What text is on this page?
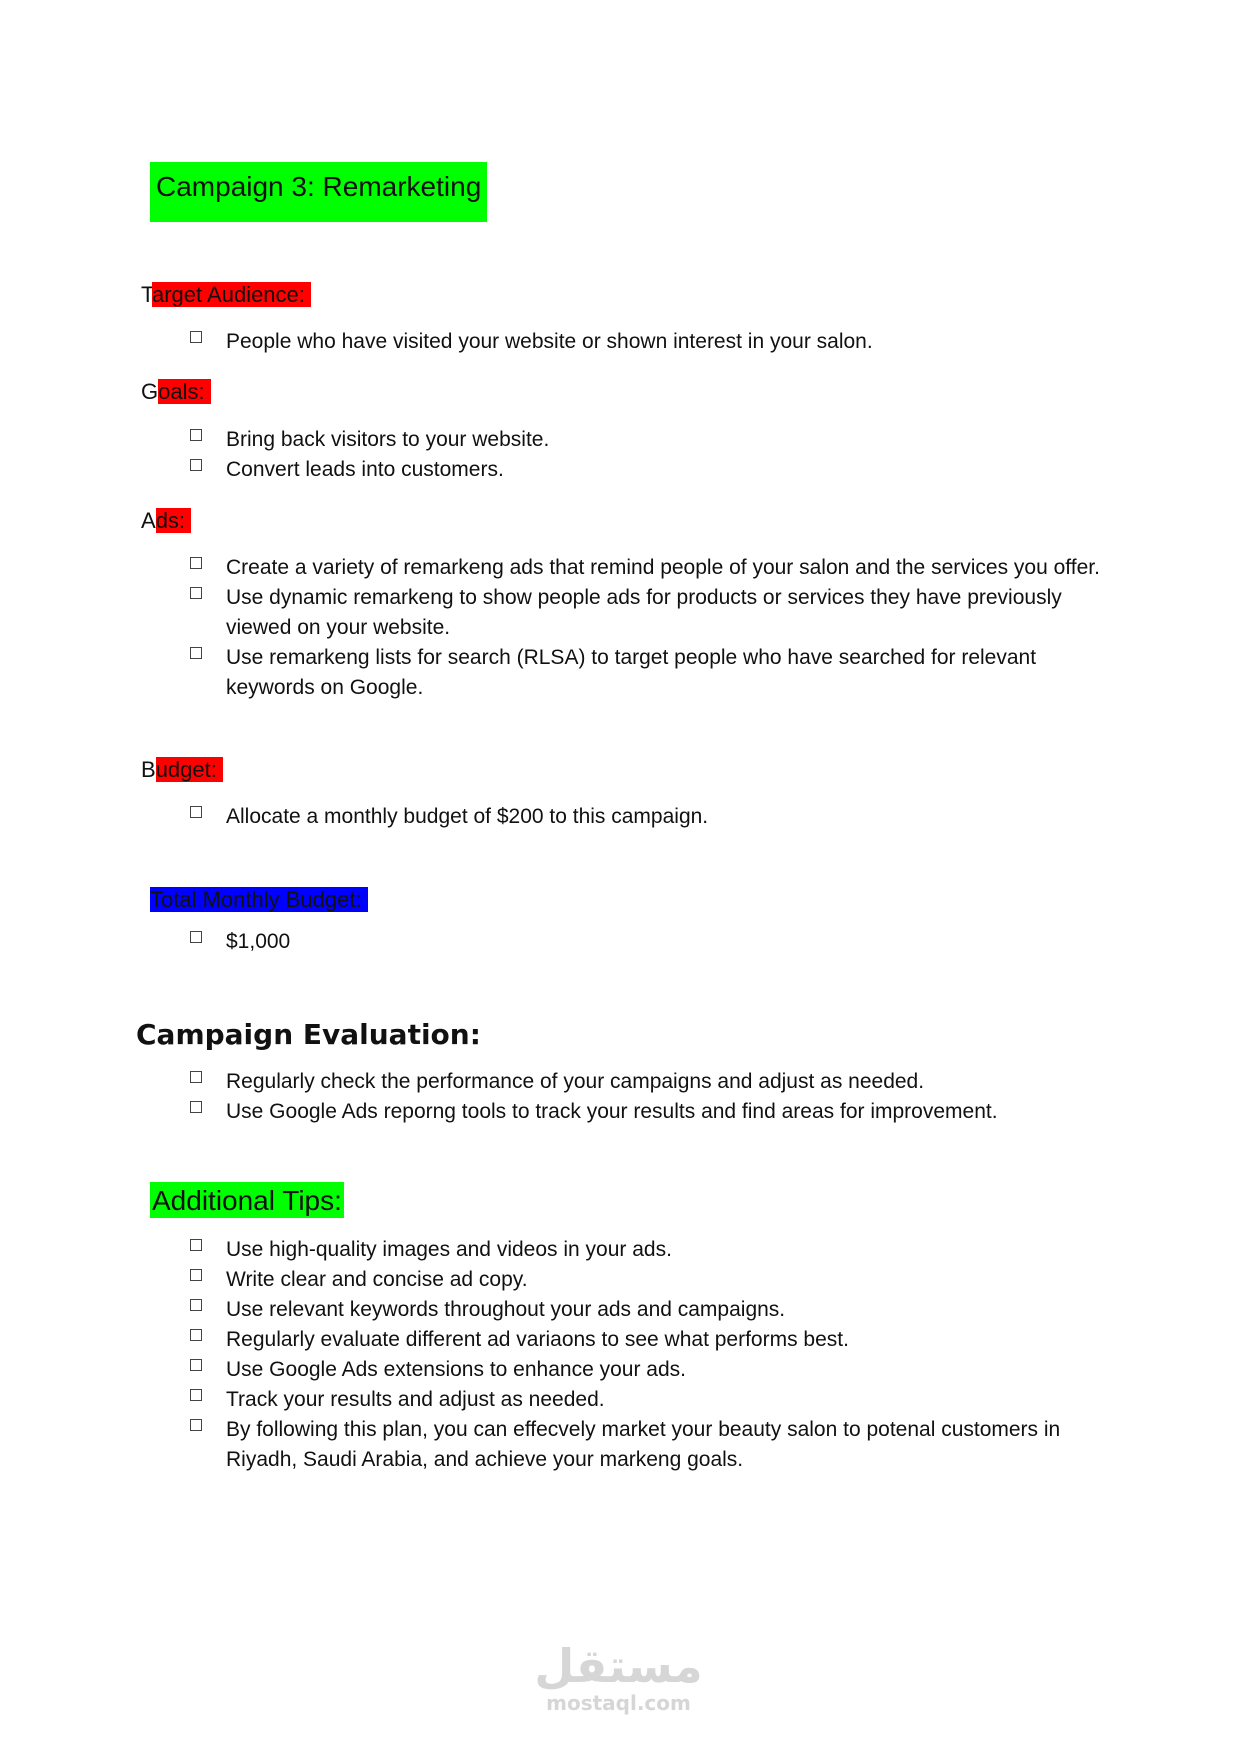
Campaign 3: Remarketing
Target Audience:
People who have visited your website or shown interest in your salon.
Goals:
Bring back visitors to your website.
Convert leads into customers.
Ads:
Create a variety of remarkeng ads that remind people of your salon and the services you offer.
Use dynamic remarkeng to show people ads for products or services they have previously viewed on your website.
Use remarkeng lists for search (RLSA) to target people who have searched for relevant keywords on Google.
Budget:
Allocate a monthly budget of $200 to this campaign.
Total Monthly Budget:
$1,000
Campaign Evaluation:
Regularly check the performance of your campaigns and adjust as needed.
Use Google Ads reporng tools to track your results and find areas for improvement.
Additional Tips:
Use high-quality images and videos in your ads.
Write clear and concise ad copy.
Use relevant keywords throughout your ads and campaigns.
Regularly evaluate different ad variaons to see what performs best.
Use Google Ads extensions to enhance your ads.
Track your results and adjust as needed.
By following this plan, you can effecvely market your beauty salon to potenal customers in Riyadh, Saudi Arabia, and achieve your markeng goals.
مستقل
mostaql.com
